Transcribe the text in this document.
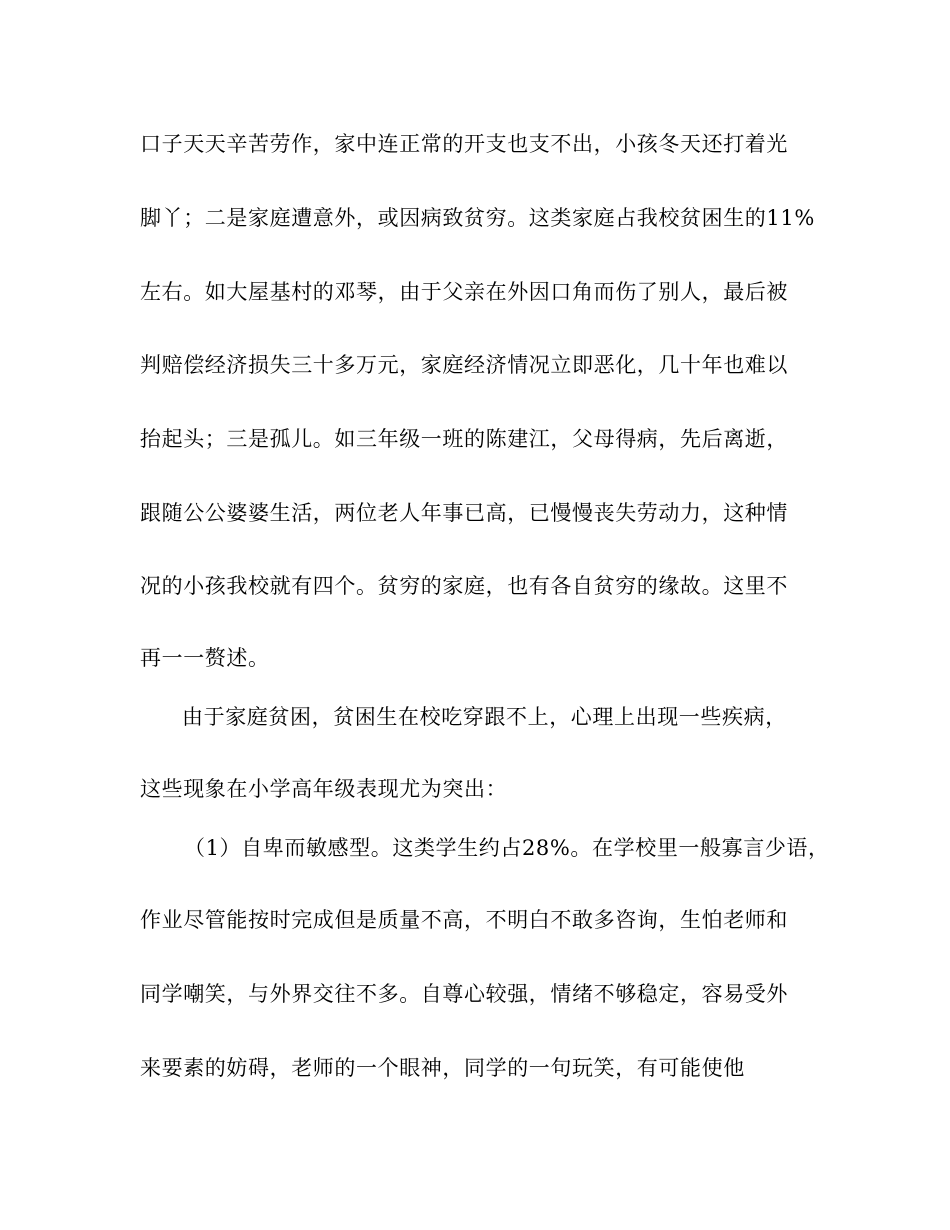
口子天天辛苦劳作，家中连正常的开支也支不出，小孩冬天还打着光
脚丫；二是家庭遭意外，或因病致贫穷。这类家庭占我校贫困生的11%
左右。如大屋基村的邓琴，由于父亲在外因口角而伤了别人，最后被
判赔偿经济损失三十多万元，家庭经济情况立即恶化，几十年也难以
抬起头；三是孤儿。如三年级一班的陈建江，父母得病，先后离逝，
跟随公公婆婆生活，两位老人年事已高，已慢慢丧失劳动力，这种情
况的小孩我校就有四个。贫穷的家庭，也有各自贫穷的缘故。这里不
再一一赘述。
由于家庭贫困，贫困生在校吃穿跟不上，心理上出现一些疾病，
这些现象在小学高年级表现尤为突出：
（1）自卑而敏感型。这类学生约占28%。在学校里一般寡言少语，
作业尽管能按时完成但是质量不高，不明白不敢多咨询，生怕老师和
同学嘲笑，与外界交往不多。自尊心较强，情绪不够稳定，容易受外
来要素的妨碍，老师的一个眼神，同学的一句玩笑，有可能使他
